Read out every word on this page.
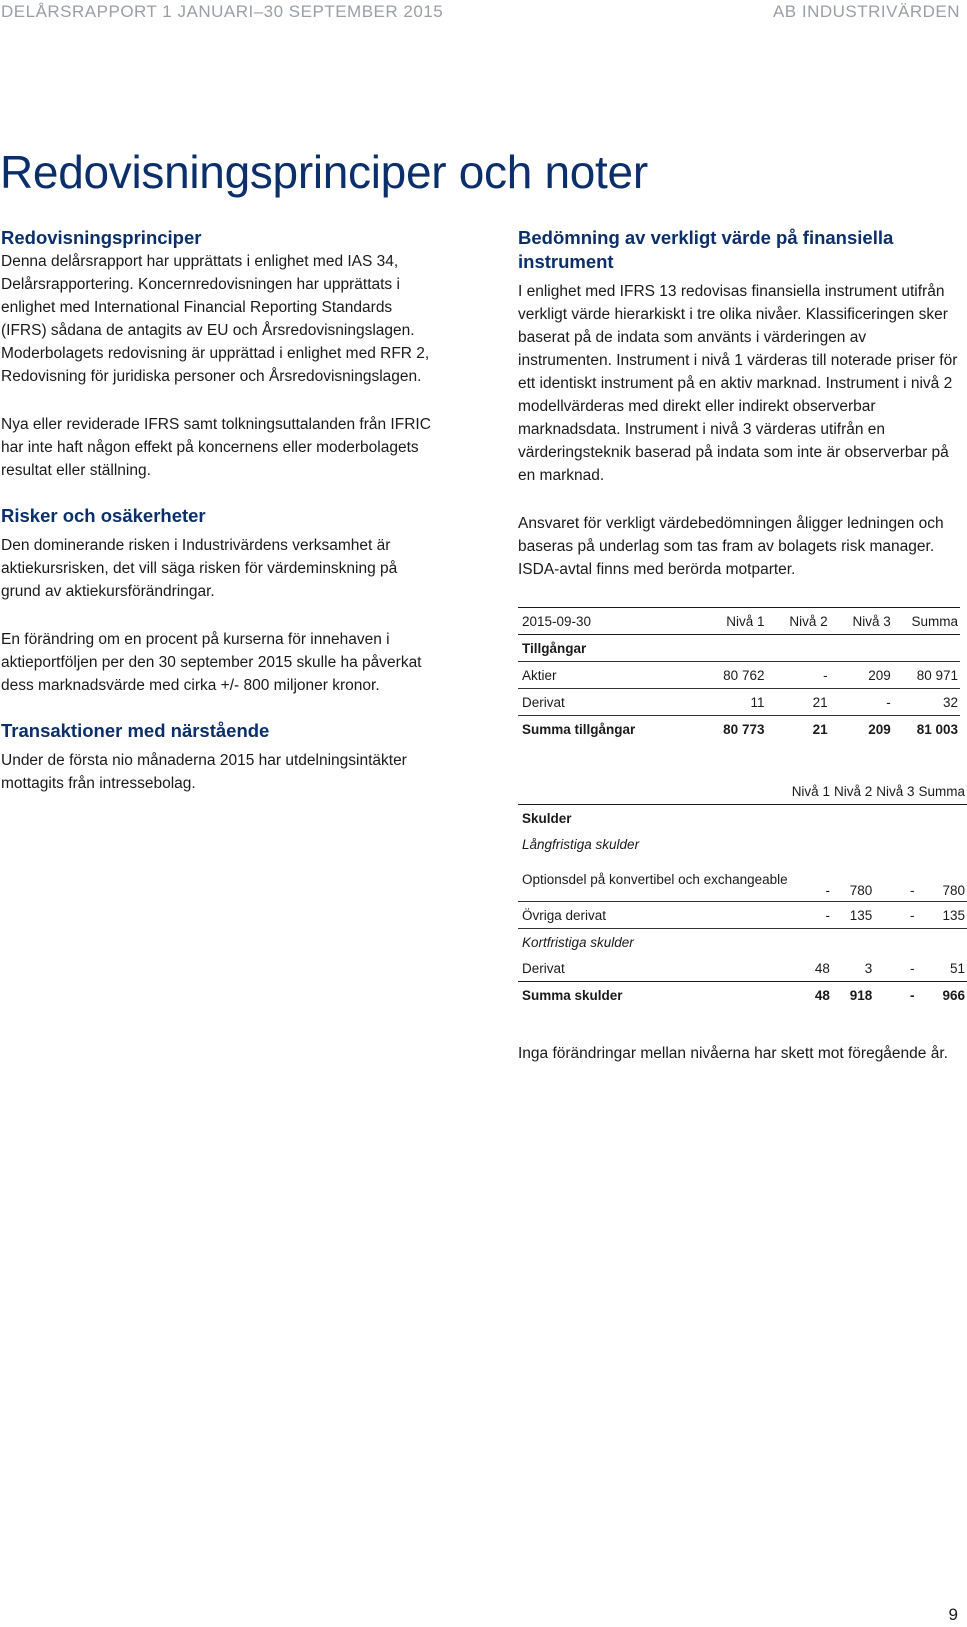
DELÅRSRAPPORT 1 JANUARI–30 SEPTEMBER 2015	AB INDUSTRIVÄRDEN
Redovisningsprinciper och noter
Redovisningsprinciper

Denna delårsrapport har upprättats i enlighet med IAS 34, Delårsrapportering. Koncernredovisningen har upprättats i enlighet med International Financial Reporting Standards (IFRS) sådana de antagits av EU och Årsredovisningslagen. Moderbolagets redovisning är upprättad i enlighet med RFR 2, Redovisning för juridiska personer och Årsredovisningslagen.

Nya eller reviderade IFRS samt tolkningsuttalanden från IFRIC har inte haft någon effekt på koncernens eller moderbolagets resultat eller ställning.

Risker och osäkerheter

Den dominerande risken i Industrivärdens verksamhet är aktiekursrisken, det vill säga risken för värdeminskning på grund av aktiekursförändringar.

En förändring om en procent på kurserna för innehaven i aktieportföljen per den 30 september 2015 skulle ha påverkat dess marknadsvärde med cirka +/- 800 miljoner kronor.

Transaktioner med närstående

Under de första nio månaderna 2015 har utdelningsintäkter mottagits från intressebolag.

Bedömning av verkligt värde på finansiella instrument

I enlighet med IFRS 13 redovisas finansiella instrument utifrån verkligt värde hierarkiskt i tre olika nivåer. Klassificeringen sker baserat på de indata som använts i värderingen av instrumenten. Instrument i nivå 1 värderas till noterade priser för ett identiskt instrument på en aktiv marknad. Instrument i nivå 2 modellvärderas med direkt eller indirekt observerbar marknadsdata. Instrument i nivå 3 värderas utifrån en värderingsteknik baserad på indata som inte är observerbar på en marknad.

Ansvaret för verkligt värdebedömningen åligger ledningen och baseras på underlag som tas fram av bolagets risk manager. ISDA-avtal finns med berörda motparter.

2015-09-30	Nivå 1	Nivå 2	Nivå 3	Summa
Tillgångar				
Aktier	80 762	-	209	80 971
Derivat	11	21	-	32
Summa tillgångar	80 773	21	209	81 003
	Nivå 1	Nivå 2	Nivå 3	Summa
Skulder				
Långfristiga skulder				
Optionsdel på konvertibel och exchangeable	-	780	-	780
Övriga derivat	-	135	-	135
Kortfristiga skulder				
Derivat	48	3	-	51
Summa skulder	48	918	-	966

Inga förändringar mellan nivåerna har skett mot föregående år.

9
